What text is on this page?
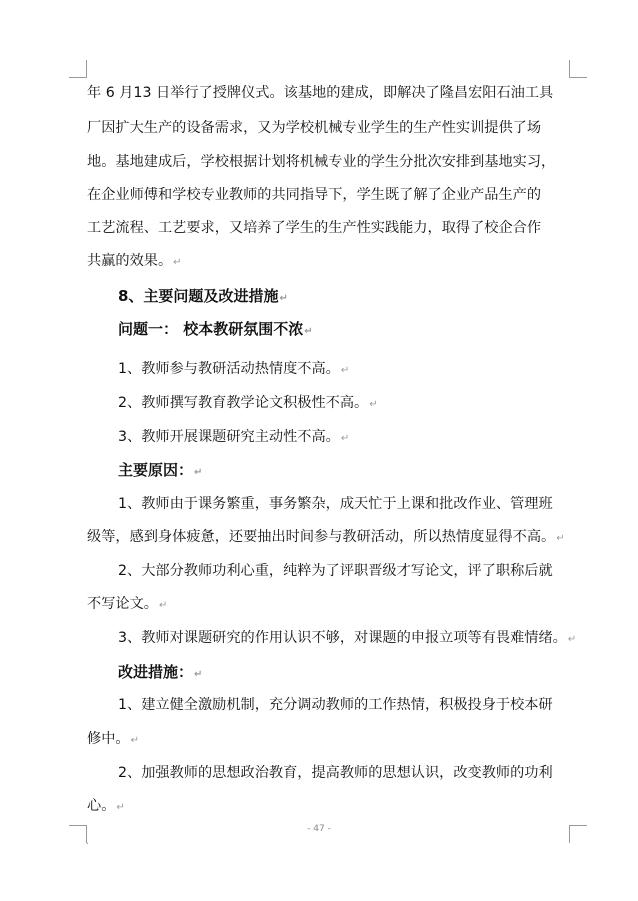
年 6 月13 日举行了授牌仪式。该基地的建成，即解决了隆昌宏阳石油工具
厂因扩大生产的设备需求，又为学校机械专业学生的生产性实训提供了场
地。基地建成后，学校根据计划将机械专业的学生分批次安排到基地实习，
在企业师傅和学校专业教师的共同指导下，学生既了解了企业产品生产的
工艺流程、工艺要求，又培养了学生的生产性实践能力，取得了校企合作
共赢的效果。↵
8、主要问题及改进措施↵
问题一： 校本教研氛围不浓↵
1、教师参与教研活动热情度不高。↵
2、教师撰写教育教学论文积极性不高。↵
3、教师开展课题研究主动性不高。↵
主要原因：↵
1、教师由于课务繁重，事务繁杂，成天忙于上课和批改作业、管理班
级等，感到身体疲惫，还要抽出时间参与教研活动，所以热情度显得不高。↵
2、大部分教师功利心重，纯粹为了评职晋级才写论文，评了职称后就
不写论文。↵
3、教师对课题研究的作用认识不够，对课题的申报立项等有畏难情绪。↵
改进措施：↵
1、建立健全激励机制，充分调动教师的工作热情，积极投身于校本研
修中。↵
2、加强教师的思想政治教育，提高教师的思想认识，改变教师的功利
心。↵
- 47 -
.
